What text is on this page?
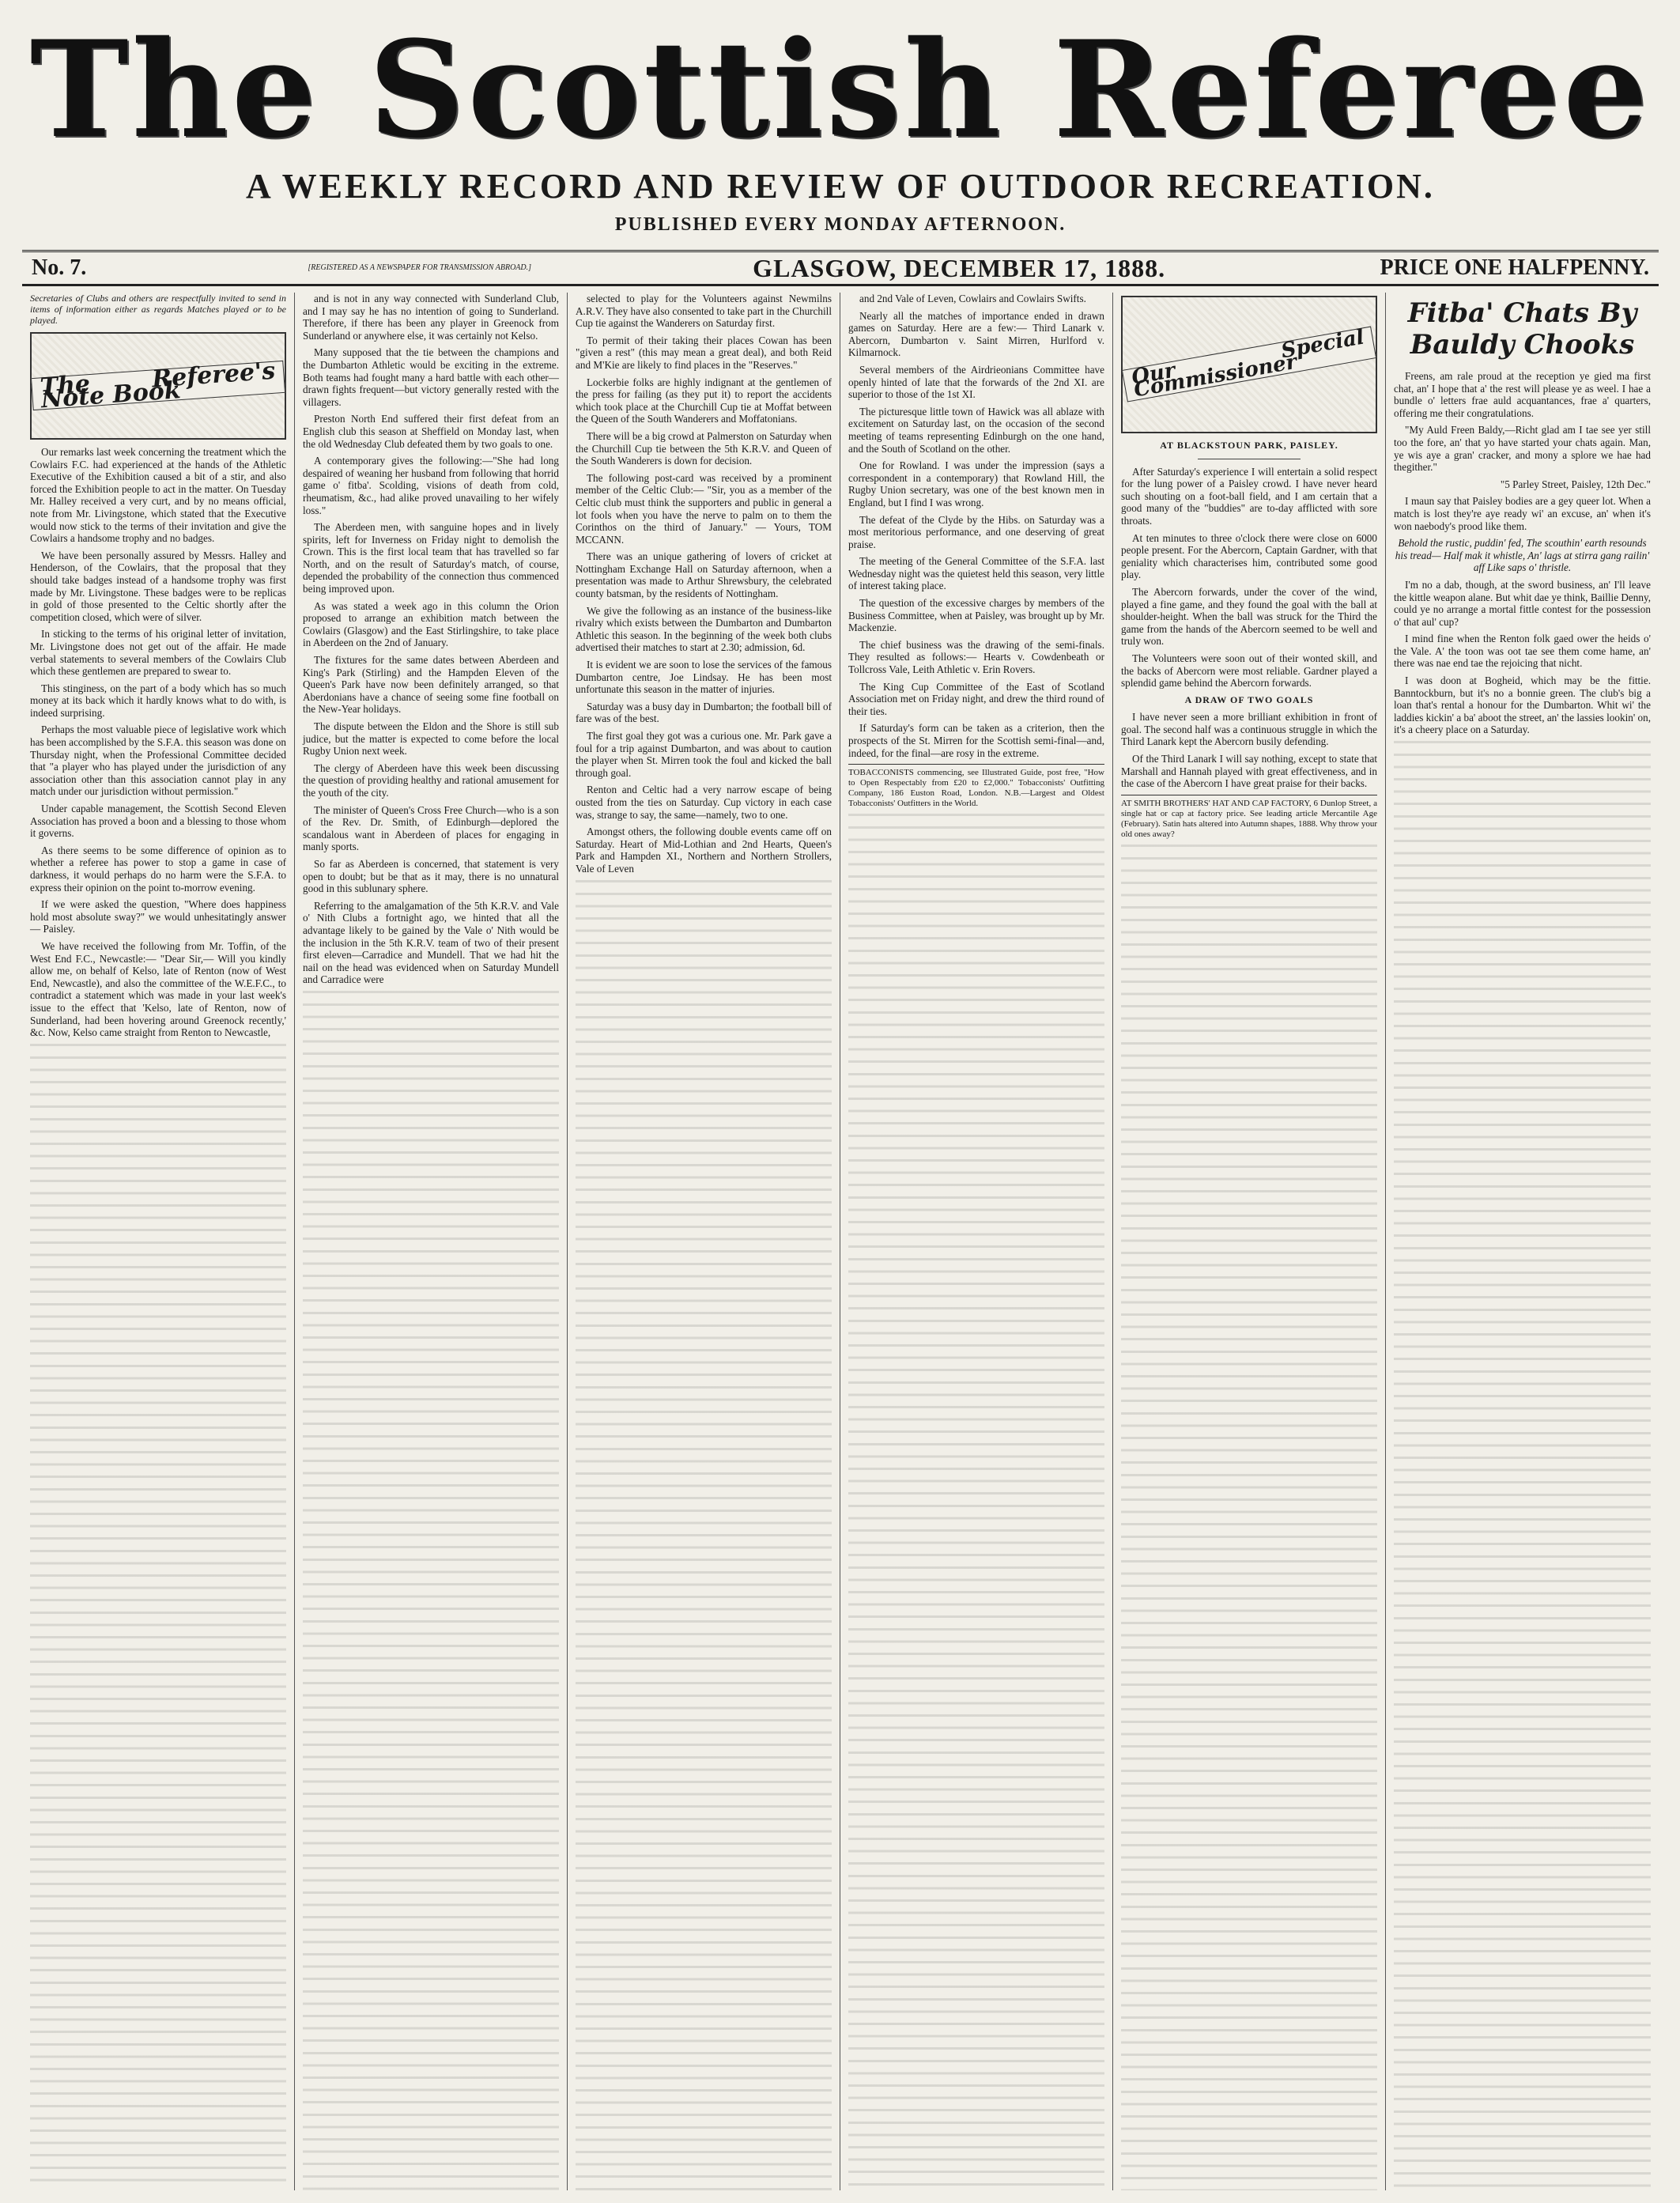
The Scottish Referee
A WEEKLY RECORD AND REVIEW OF OUTDOOR RECREATION.
PUBLISHED EVERY MONDAY AFTERNOON.
No. 7.	[REGISTERED AS A NEWSPAPER FOR TRANSMISSION ABROAD.]	GLASGOW, DECEMBER 17, 1888.	PRICE ONE HALFPENNY.
Secretaries of Clubs and others are respectfully invited to send in items of information either as regards Matches played or to be played.
The Referee's Note Book

Our remarks last week concerning the treatment which the Cowlairs F.C. had experienced at the hands of the Athletic Executive of the Exhibition caused a bit of a stir, and also forced the Exhibition people to act in the matter. On Tuesday Mr. Halley received a very curt, and by no means official, note from Mr. Livingstone, which stated that the Executive would now stick to the terms of their invitation and give the Cowlairs a handsome trophy and no badges.

We have been personally assured by Messrs. Halley and Henderson, of the Cowlairs, that the proposal that they should take badges instead of a handsome trophy was first made by Mr. Livingstone. These badges were to be replicas in gold of those presented to the Celtic shortly after the competition closed, which were of silver.

In sticking to the terms of his original letter of invitation, Mr. Livingstone does not get out of the affair. He made verbal statements to several members of the Cowlairs Club which these gentlemen are prepared to swear to.

This stinginess, on the part of a body which has so much money at its back which it hardly knows what to do with, is indeed surprising.

Perhaps the most valuable piece of legislative work which has been accomplished by the S.F.A. this season was done on Thursday night, when the Professional Committee decided that "a player who has played under the jurisdiction of any association other than this association cannot play in any match under our jurisdiction without permission."

Under capable management, the Scottish Second Eleven Association has proved a boon and a blessing to those whom it governs.

As there seems to be some difference of opinion as to whether a referee has power to stop a game in case of darkness, it would perhaps do no harm were the S.F.A. to express their opinion on the point to-morrow evening.

If we were asked the question, "Where does happiness hold most absolute sway?" we would unhesitatingly answer — Paisley.

We have received the following from Mr. Toffin, of the West End F.C., Newcastle:— "Dear Sir,— Will you kindly allow me, on behalf of Kelso, late of Renton (now of West End, Newcastle), and also the committee of the W.E.F.C., to contradict a statement which was made in your last week's issue to the effect that 'Kelso, late of Renton, now of Sunderland, had been hovering around Greenock recently,' &c. Now, Kelso came straight from Renton to Newcastle,

and is not in any way connected with Sunderland Club, and I may say he has no intention of going to Sunderland. Therefore, if there has been any player in Greenock from Sunderland or anywhere else, it was certainly not Kelso.

Many supposed that the tie between the champions and the Dumbarton Athletic would be exciting in the extreme. Both teams had fought many a hard battle with each other—drawn fights frequent—but victory generally rested with the villagers.

Preston North End suffered their first defeat from an English club this season at Sheffield on Monday last, when the old Wednesday Club defeated them by two goals to one.

A contemporary gives the following:—"She had long despaired of weaning her husband from following that horrid game o' fitba'. Scolding, visions of death from cold, rheumatism, &c., had alike proved unavailing to her wifely loss."

The Aberdeen men, with sanguine hopes and in lively spirits, left for Inverness on Friday night to demolish the Crown. This is the first local team that has travelled so far North, and on the result of Saturday's match, of course, depended the probability of the connection thus commenced being improved upon.

As was stated a week ago in this column the Orion proposed to arrange an exhibition match between the Cowlairs (Glasgow) and the East Stirlingshire, to take place in Aberdeen on the 2nd of January.

The fixtures for the same dates between Aberdeen and King's Park (Stirling) and the Hampden Eleven of the Queen's Park have now been definitely arranged, so that Aberdonians have a chance of seeing some fine football on the New-Year holidays.

The dispute between the Eldon and the Shore is still sub judice, but the matter is expected to come before the local Rugby Union next week.

The clergy of Aberdeen have this week been discussing the question of providing healthy and rational amusement for the youth of the city.

The minister of Queen's Cross Free Church—who is a son of the Rev. Dr. Smith, of Edinburgh—deplored the scandalous want in Aberdeen of places for engaging in manly sports.

So far as Aberdeen is concerned, that statement is very open to doubt; but be that as it may, there is no unnatural good in this sublunary sphere.

Referring to the amalgamation of the 5th K.R.V. and Vale o' Nith Clubs a fortnight ago, we hinted that all the advantage likely to be gained by the Vale o' Nith would be the inclusion in the 5th K.R.V. team of two of their present first eleven—Carradice and Mundell. That we had hit the nail on the head was evidenced when on Saturday Mundell and Carradice were

selected to play for the Volunteers against Newmilns A.R.V. They have also consented to take part in the Churchill Cup tie against the Wanderers on Saturday first.

To permit of their taking their places Cowan has been "given a rest" (this may mean a great deal), and both Reid and M'Kie are likely to find places in the "Reserves."

Lockerbie folks are highly indignant at the gentlemen of the press for failing (as they put it) to report the accidents which took place at the Churchill Cup tie at Moffat between the Queen of the South Wanderers and Moffatonians.

There will be a big crowd at Palmerston on Saturday when the Churchill Cup tie between the 5th K.R.V. and Queen of the South Wanderers is down for decision.

The following post-card was received by a prominent member of the Celtic Club:— "Sir, you as a member of the Celtic club must think the supporters and public in general a lot fools when you have the nerve to palm on to them the Corinthos on the third of January." — Yours, TOM MCCANN.

There was an unique gathering of lovers of cricket at Nottingham Exchange Hall on Saturday afternoon, when a presentation was made to Arthur Shrewsbury, the celebrated county batsman, by the residents of Nottingham.

We give the following as an instance of the business-like rivalry which exists between the Dumbarton and Dumbarton Athletic this season. In the beginning of the week both clubs advertised their matches to start at 2.30; admission, 6d.

It is evident we are soon to lose the services of the famous Dumbarton centre, Joe Lindsay. He has been most unfortunate this season in the matter of injuries.

Saturday was a busy day in Dumbarton; the football bill of fare was of the best.

The first goal they got was a curious one. Mr. Park gave a foul for a trip against Dumbarton, and was about to caution the player when St. Mirren took the foul and kicked the ball through goal.

Renton and Celtic had a very narrow escape of being ousted from the ties on Saturday. Cup victory in each case was, strange to say, the same—namely, two to one.

Amongst others, the following double events came off on Saturday. Heart of Mid-Lothian and 2nd Hearts, Queen's Park and Hampden XI., Northern and Northern Strollers, Vale of Leven

and 2nd Vale of Leven, Cowlairs and Cowlairs Swifts.

Nearly all the matches of importance ended in drawn games on Saturday. Here are a few:— Third Lanark v. Abercorn, Dumbarton v. Saint Mirren, Hurlford v. Kilmarnock.

Several members of the Airdrieonians Committee have openly hinted of late that the forwards of the 2nd XI. are superior to those of the 1st XI.

The picturesque little town of Hawick was all ablaze with excitement on Saturday last, on the occasion of the second meeting of teams representing Edinburgh on the one hand, and the South of Scotland on the other.

One for Rowland. I was under the impression (says a correspondent in a contemporary) that Rowland Hill, the Rugby Union secretary, was one of the best known men in England, but I find I was wrong.

The defeat of the Clyde by the Hibs. on Saturday was a most meritorious performance, and one deserving of great praise.

The meeting of the General Committee of the S.F.A. last Wednesday night was the quietest held this season, very little of interest taking place.

The question of the excessive charges by members of the Business Committee, when at Paisley, was brought up by Mr. Mackenzie.

The chief business was the drawing of the semi-finals. They resulted as follows:— Hearts v. Cowdenbeath or Tollcross Vale, Leith Athletic v. Erin Rovers.

The King Cup Committee of the East of Scotland Association met on Friday night, and drew the third round of their ties.

If Saturday's form can be taken as a criterion, then the prospects of the St. Mirren for the Scottish semi-final—and, indeed, for the final—are rosy in the extreme.

TOBACCONISTS commencing, see Illustrated Guide, post free, "How to Open Respectably from £20 to £2,000." Tobacconists' Outfitting Company, 186 Euston Road, London. N.B.—Largest and Oldest Tobacconists' Outfitters in the World.

Our Special Commissioner
AT BLACKSTOUN PARK, PAISLEY.

After Saturday's experience I will entertain a solid respect for the lung power of a Paisley crowd. I have never heard such shouting on a foot-ball field, and I am certain that a good many of the "buddies" are to-day afflicted with sore throats.

At ten minutes to three o'clock there were close on 6000 people present. For the Abercorn, Captain Gardner, with that geniality which characterises him, contributed some good play.

The Abercorn forwards, under the cover of the wind, played a fine game, and they found the goal with the ball at shoulder-height. When the ball was struck for the Third the game from the hands of the Abercorn seemed to be well and truly won.

The Volunteers were soon out of their wonted skill, and the backs of Abercorn were most reliable. Gardner played a splendid game behind the Abercorn forwards.

A DRAW OF TWO GOALS

I have never seen a more brilliant exhibition in front of goal. The second half was a continuous struggle in which the Third Lanark kept the Abercorn busily defending.

Of the Third Lanark I will say nothing, except to state that Marshall and Hannah played with great effectiveness, and in the case of the Abercorn I have great praise for their backs.

AT SMITH BROTHERS' HAT AND CAP FACTORY, 6 Dunlop Street, a single hat or cap at factory price. See leading article Mercantile Age (February). Satin hats altered into Autumn shapes, 1888. Why throw your old ones away?

Fitba' Chats By Bauldy Chooks

Freens, am rale proud at the reception ye gied ma first chat, an' I hope that a' the rest will please ye as weel. I hae a bundle o' letters frae auld acquantances, frae a' quarters, offering me their congratulations.

"My Auld Freen Baldy,—Richt glad am I tae see yer still too the fore, an' that yo have started your chats again. Man, ye wis aye a gran' cracker, and mony a splore we hae had thegither."

"5 Parley Street, Paisley, 12th Dec."

I maun say that Paisley bodies are a gey queer lot. When a match is lost they're aye ready wi' an excuse, an' when it's won naebody's prood like them.

Behold the rustic, puddin' fed, The scouthin' earth resounds his tread— Half mak it whistle, An' lags at stirra gang railin' aff Like saps o' thristle.

I'm no a dab, though, at the sword business, an' I'll leave the kittle weapon alane. But whit dae ye think, Baillie Denny, could ye no arrange a mortal fittle contest for the possession o' that aul' cup?

I mind fine when the Renton folk gaed ower the heids o' the Vale. A' the toon was oot tae see them come hame, an' there was nae end tae the rejoicing that nicht.

I was doon at Bogheid, which may be the fittie. Banntockburn, but it's no a bonnie green. The club's big a loan that's rental a honour for the Dumbarton. Whit wi' the laddies kickin' a ba' aboot the street, an' the lassies lookin' on, it's a cheery place on a Saturday.
